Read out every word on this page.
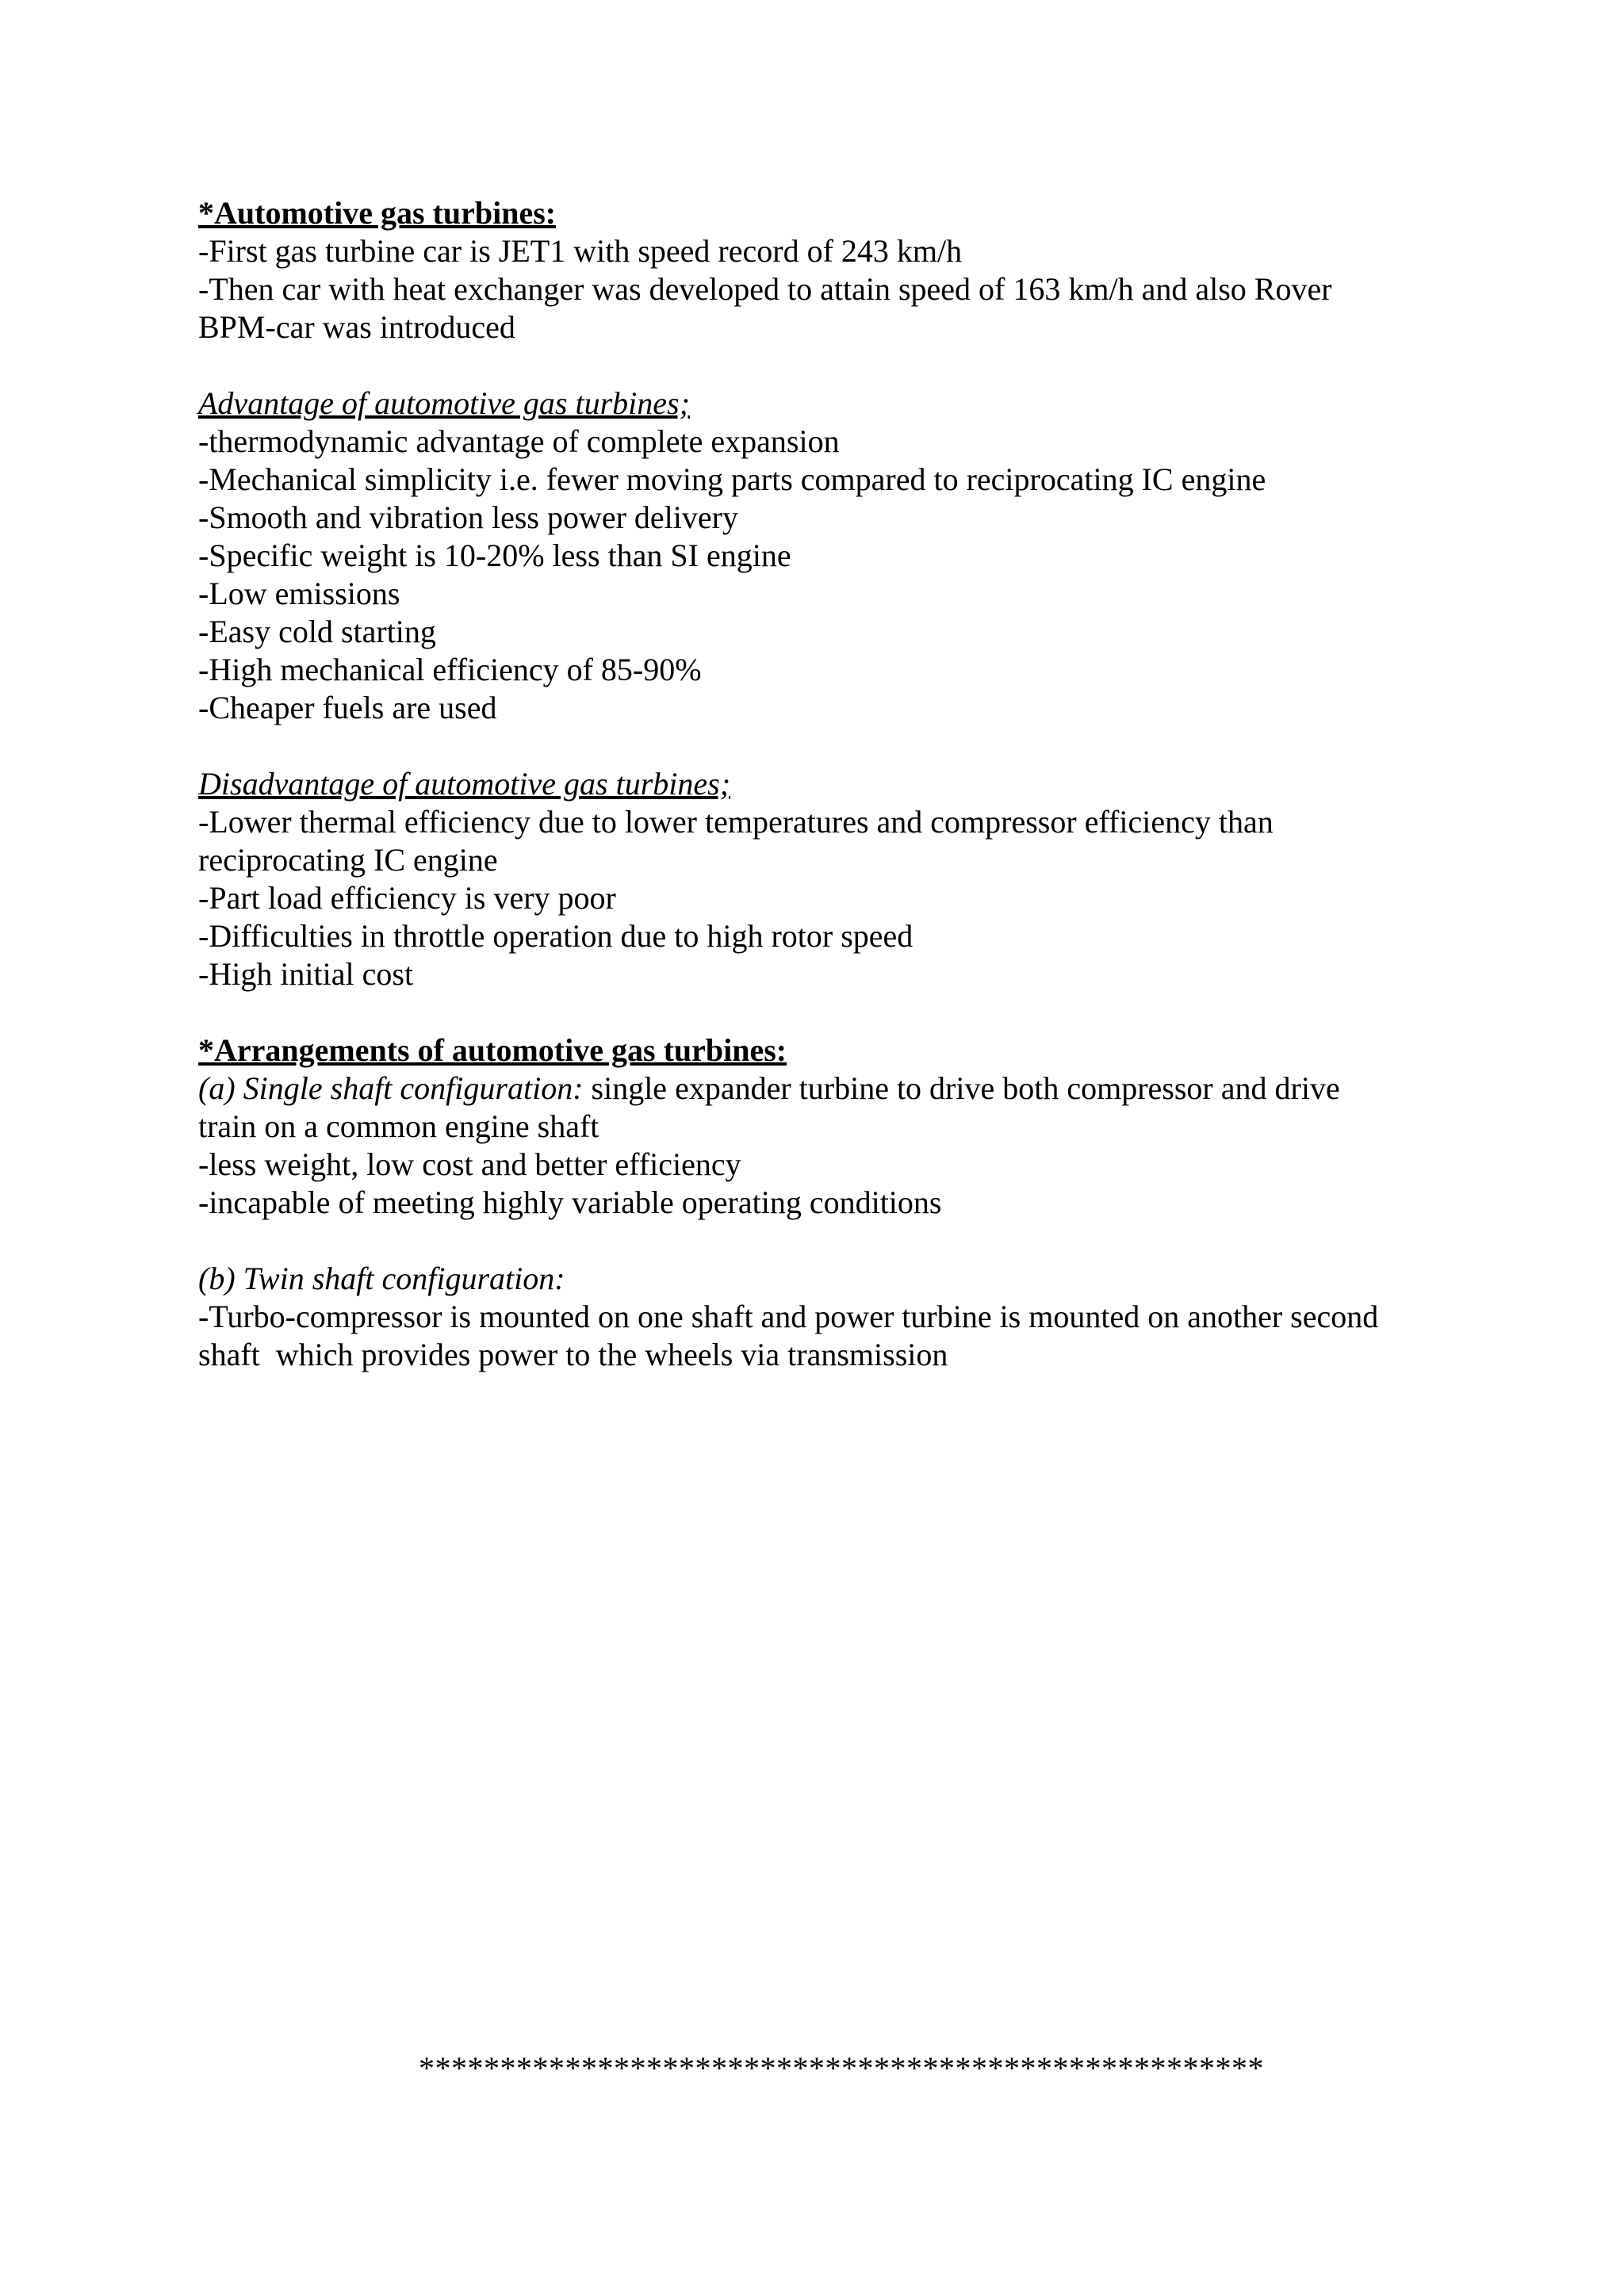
*Automotive gas turbines:
-First gas turbine car is JET1 with speed record of 243 km/h
-Then car with heat exchanger was developed to attain speed of 163 km/h and also Rover
BPM-car was introduced
Advantage of automotive gas turbines;
-thermodynamic advantage of complete expansion
-Mechanical simplicity i.e. fewer moving parts compared to reciprocating IC engine
-Smooth and vibration less power delivery
-Specific weight is 10-20% less than SI engine
-Low emissions
-Easy cold starting
-High mechanical efficiency of 85-90%
-Cheaper fuels are used
Disadvantage of automotive gas turbines;
-Lower thermal efficiency due to lower temperatures and compressor efficiency than
reciprocating IC engine
-Part load efficiency is very poor
-Difficulties in throttle operation due to high rotor speed
-High initial cost
*Arrangements of automotive gas turbines:
(a) Single shaft configuration: single expander turbine to drive both compressor and drive
train on a common engine shaft
-less weight, low cost and better efficiency
-incapable of meeting highly variable operating conditions
(b) Twin shaft configuration:
-Turbo-compressor is mounted on one shaft and power turbine is mounted on another second
shaft  which provides power to the wheels via transmission
****************************************************
